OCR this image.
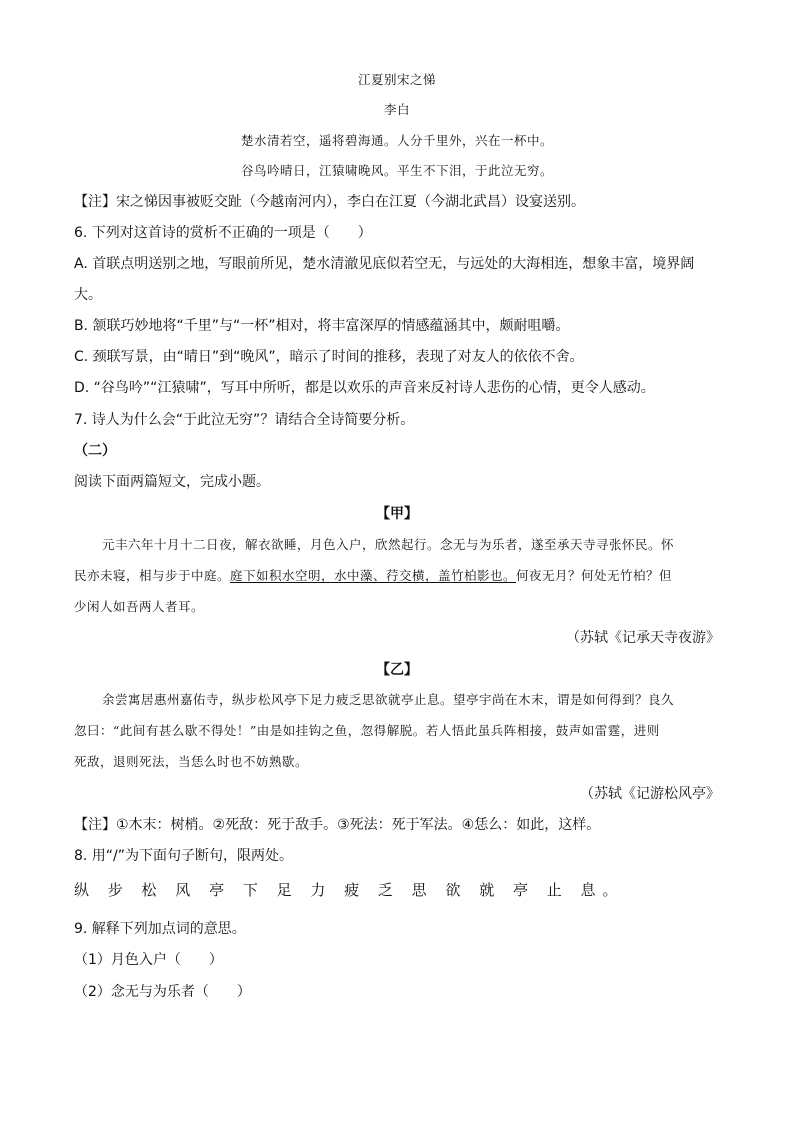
江夏别宋之悌
李白
楚水清若空，遥将碧海通。人分千里外，兴在一杯中。
谷鸟吟晴日，江猿啸晚风。平生不下泪，于此泣无穷。
【注】宋之悌因事被贬交趾（今越南河内），李白在江夏（今湖北武昌）设宴送别。
6. 下列对这首诗的赏析不正确的一项是（　　）
A. 首联点明送别之地，写眼前所见，楚水清澈见底似若空无，与远处的大海相连，想象丰富，境界阔
大。
B. 颔联巧妙地将“千里”与“一杯”相对，将丰富深厚的情感蕴涵其中，颇耐咀嚼。
C. 颈联写景，由“晴日”到“晚风”，暗示了时间的推移，表现了对友人的依依不舍。
D. “谷鸟吟”“江猿啸”，写耳中所听，都是以欢乐的声音来反衬诗人悲伤的心情，更令人感动。
7. 诗人为什么会“于此泣无穷”？请结合全诗简要分析。
（二）
阅读下面两篇短文，完成小题。
【甲】
元丰六年十月十二日夜，解衣欲睡，月色入户，欣然起行。念无与为乐者，遂至承天寺寻张怀民。怀
民亦未寝，相与步于中庭。庭下如积水空明，水中藻、荇交横，盖竹柏影也。何夜无月？何处无竹柏？但
少闲人如吾两人者耳。
（苏轼《记承天寺夜游》
【乙】
余尝寓居惠州嘉佑寺，纵步松风亭下足力疲乏思欲就亭止息。望亭宇尚在木末，谓是如何得到？良久
忽曰：“此间有甚么歇不得处！”由是如挂钩之鱼，忽得解脱。若人悟此虽兵阵相接，鼓声如雷霆，进则
死敌，退则死法，当恁么时也不妨熟歇。
（苏轼《记游松风亭》
【注】①木末：树梢。②死敌：死于敌手。③死法：死于军法。④恁么：如此，这样。
8. 用“/”为下面句子断句，限两处。
纵 步 松 风 亭 下 足 力 疲 乏 思 欲 就 亭 止 息。
9. 解释下列加点词的意思。
（1）月色入户（　　）
（2）念无与为乐者（　　）
